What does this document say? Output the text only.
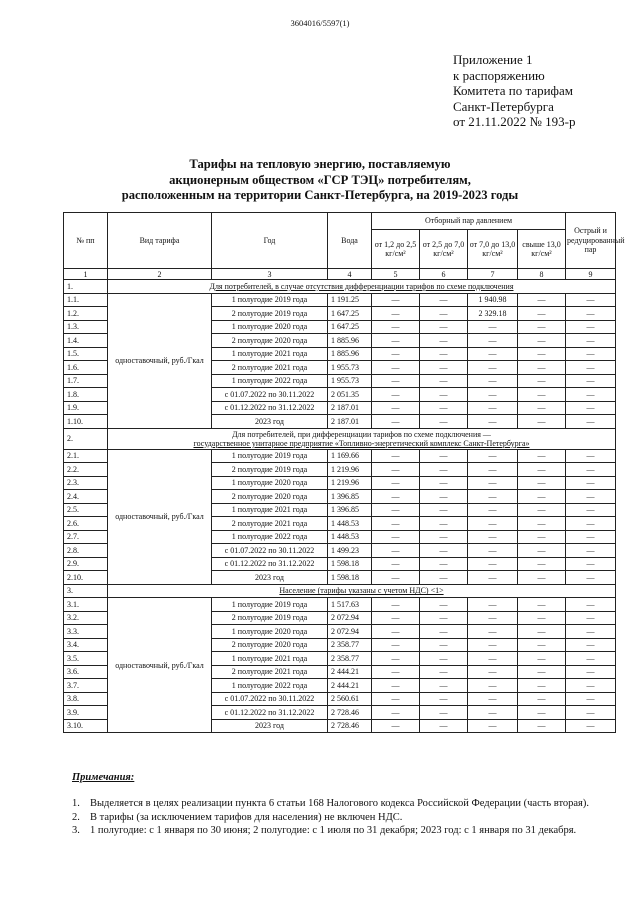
3604016/5597(1)
Приложение 1
к распоряжению
Комитета по тарифам
Санкт-Петербурга
от 21.11.2022 № 193-р
Тарифы на тепловую энергию, поставляемую
акционерным обществом «ГСР ТЭЦ» потребителям,
расположенным на территории Санкт-Петербурга, на 2019-2023 годы
№ пп	Вид тарифа	Год	Вода	Отборный пар давлением				Острый и редуцированный пар
				от 1,2 до 2,5 кг/см²	от 2,5 до 7,0 кг/см²	от 7,0 до 13,0 кг/см²	свыше 13,0 кг/см²	
1	2	3	4	5	6	7	8	9
1.	Для потребителей, в случае отсутствия дифференциации тарифов по схеме подключения							

1.1.	одноставочный, руб./Гкал	1 полугодие 2019 года	1 191.25	—	—	1 940.98	—	—
1.2.		2 полугодие 2019 года	1 647.25	—	—	2 329.18	—	—
1.3.		1 полугодие 2020 года	1 647.25	—	—	—	—	—
1.4.		2 полугодие 2020 года	1 885.96	—	—	—	—	—
1.5.		1 полугодие 2021 года	1 885.96	—	—	—	—	—
1.6.		2 полугодие 2021 года	1 955.73	—	—	—	—	—
1.7.		1 полугодие 2022 года	1 955.73	—	—	—	—	—
1.8.		с 01.07.2022 по 30.11.2022	2 051.35	—	—	—	—	—
1.9.		с 01.12.2022 по 31.12.2022	2 187.01	—	—	—	—	—
1.10.		2023 год	2 187.01	—	—	—	—	—
2.	Для потребителей, при дифференциации тарифов по схеме подключения —
государственное унитарное предприятие «Топливно-энергетический комплекс Санкт-Петербурга»							

2.1.	одноставочный, руб./Гкал	1 полугодие 2019 года	1 169.66	—	—	—	—	—
2.2.		2 полугодие 2019 года	1 219.96	—	—	—	—	—
2.3.		1 полугодие 2020 года	1 219.96	—	—	—	—	—
2.4.		2 полугодие 2020 года	1 396.85	—	—	—	—	—
2.5.		1 полугодие 2021 года	1 396.85	—	—	—	—	—
2.6.		2 полугодие 2021 года	1 448.53	—	—	—	—	—
2.7.		1 полугодие 2022 года	1 448.53	—	—	—	—	—
2.8.		с 01.07.2022 по 30.11.2022	1 499.23	—	—	—	—	—
2.9.		с 01.12.2022 по 31.12.2022	1 598.18	—	—	—	—	—
2.10.		2023 год	1 598.18	—	—	—	—	—
3.	Население (тарифы указаны с учетом НДС) <1>							

3.1.	одноставочный, руб./Гкал	1 полугодие 2019 года	1 517.63	—	—	—	—	—
3.2.		2 полугодие 2019 года	2 072.94	—	—	—	—	—
3.3.		1 полугодие 2020 года	2 072.94	—	—	—	—	—
3.4.		2 полугодие 2020 года	2 358.77	—	—	—	—	—
3.5.		1 полугодие 2021 года	2 358.77	—	—	—	—	—
3.6.		2 полугодие 2021 года	2 444.21	—	—	—	—	—
3.7.		1 полугодие 2022 года	2 444.21	—	—	—	—	—
3.8.		с 01.07.2022 по 30.11.2022	2 560.61	—	—	—	—	—
3.9.		с 01.12.2022 по 31.12.2022	2 728.46	—	—	—	—	—
3.10.		2023 год	2 728.46	—	—	—	—	—
Примечания:
1. Выделяется в целях реализации пункта 6 статьи 168 Налогового кодекса Российской Федерации (часть вторая).
2. В тарифы (за исключением тарифов для населения) не включен НДС.
3. 1 полугодие: с 1 января по 30 июня; 2 полугодие: с 1 июля по 31 декабря; 2023 год: с 1 января по 31 декабря.
